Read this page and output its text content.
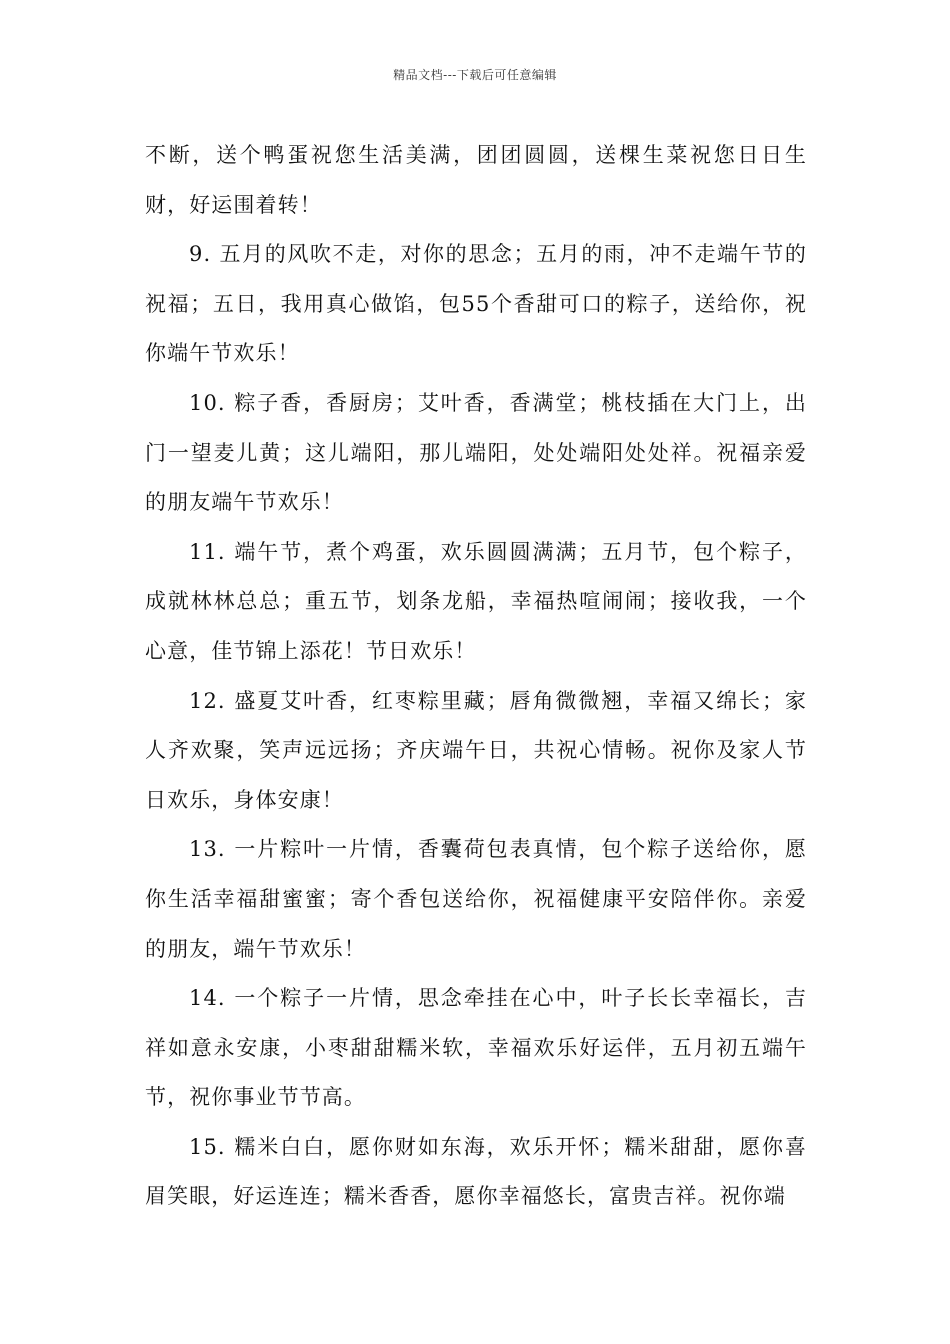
精品文档---下载后可任意编辑

不断，送个鸭蛋祝您生活美满，团团圆圆，送棵生菜祝您日日生财，好运围着转！

9. 五月的风吹不走，对你的思念；五月的雨，冲不走端午节的祝福；五日，我用真心做馅，包55个香甜可口的粽子，送给你，祝你端午节欢乐！

10. 粽子香，香厨房；艾叶香，香满堂；桃枝插在大门上，出门一望麦儿黄；这儿端阳，那儿端阳，处处端阳处处祥。祝福亲爱的朋友端午节欢乐！

11. 端午节，煮个鸡蛋，欢乐圆圆满满；五月节，包个粽子，成就林林总总；重五节，划条龙船，幸福热喧闹闹；接收我，一个心意，佳节锦上添花！节日欢乐！

12. 盛夏艾叶香，红枣粽里藏；唇角微微翘，幸福又绵长；家人齐欢聚，笑声远远扬；齐庆端午日，共祝心情畅。祝你及家人节日欢乐，身体安康！

13. 一片粽叶一片情，香囊荷包表真情，包个粽子送给你，愿你生活幸福甜蜜蜜；寄个香包送给你，祝福健康平安陪伴你。亲爱的朋友，端午节欢乐！

14. 一个粽子一片情，思念牵挂在心中，叶子长长幸福长，吉祥如意永安康，小枣甜甜糯米软，幸福欢乐好运伴，五月初五端午节，祝你事业节节高。

15. 糯米白白，愿你财如东海，欢乐开怀；糯米甜甜，愿你喜眉笑眼，好运连连；糯米香香，愿你幸福悠长，富贵吉祥。祝你端
